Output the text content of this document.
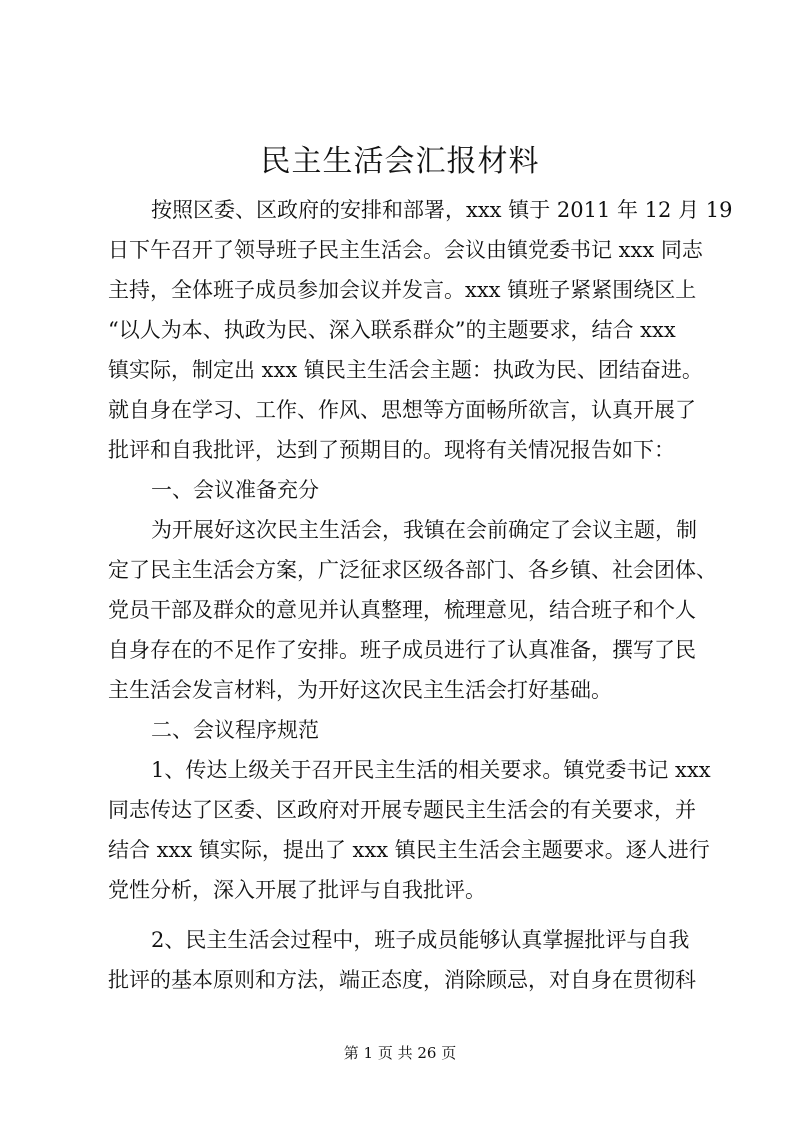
民主生活会汇报材料
按照区委、区政府的安排和部署，xxx 镇于 2011 年 12 月 19
日下午召开了领导班子民主生活会。会议由镇党委书记 xxx 同志
主持，全体班子成员参加会议并发言。xxx 镇班子紧紧围绕区上
“以人为本、执政为民、深入联系群众”的主题要求，结合 xxx
镇实际，制定出 xxx 镇民主生活会主题：执政为民、团结奋进。
就自身在学习、工作、作风、思想等方面畅所欲言，认真开展了
批评和自我批评，达到了预期目的。现将有关情况报告如下：
一、会议准备充分
为开展好这次民主生活会，我镇在会前确定了会议主题，制
定了民主生活会方案，广泛征求区级各部门、各乡镇、社会团体、
党员干部及群众的意见并认真整理，梳理意见，结合班子和个人
自身存在的不足作了安排。班子成员进行了认真准备，撰写了民
主生活会发言材料，为开好这次民主生活会打好基础。
二、会议程序规范
1、传达上级关于召开民主生活的相关要求。镇党委书记 xxx
同志传达了区委、区政府对开展专题民主生活会的有关要求，并
结合 xxx 镇实际，提出了 xxx 镇民主生活会主题要求。逐人进行
党性分析，深入开展了批评与自我批评。
2、民主生活会过程中，班子成员能够认真掌握批评与自我
批评的基本原则和方法，端正态度，消除顾忌，对自身在贯彻科
第 1 页 共 26 页
